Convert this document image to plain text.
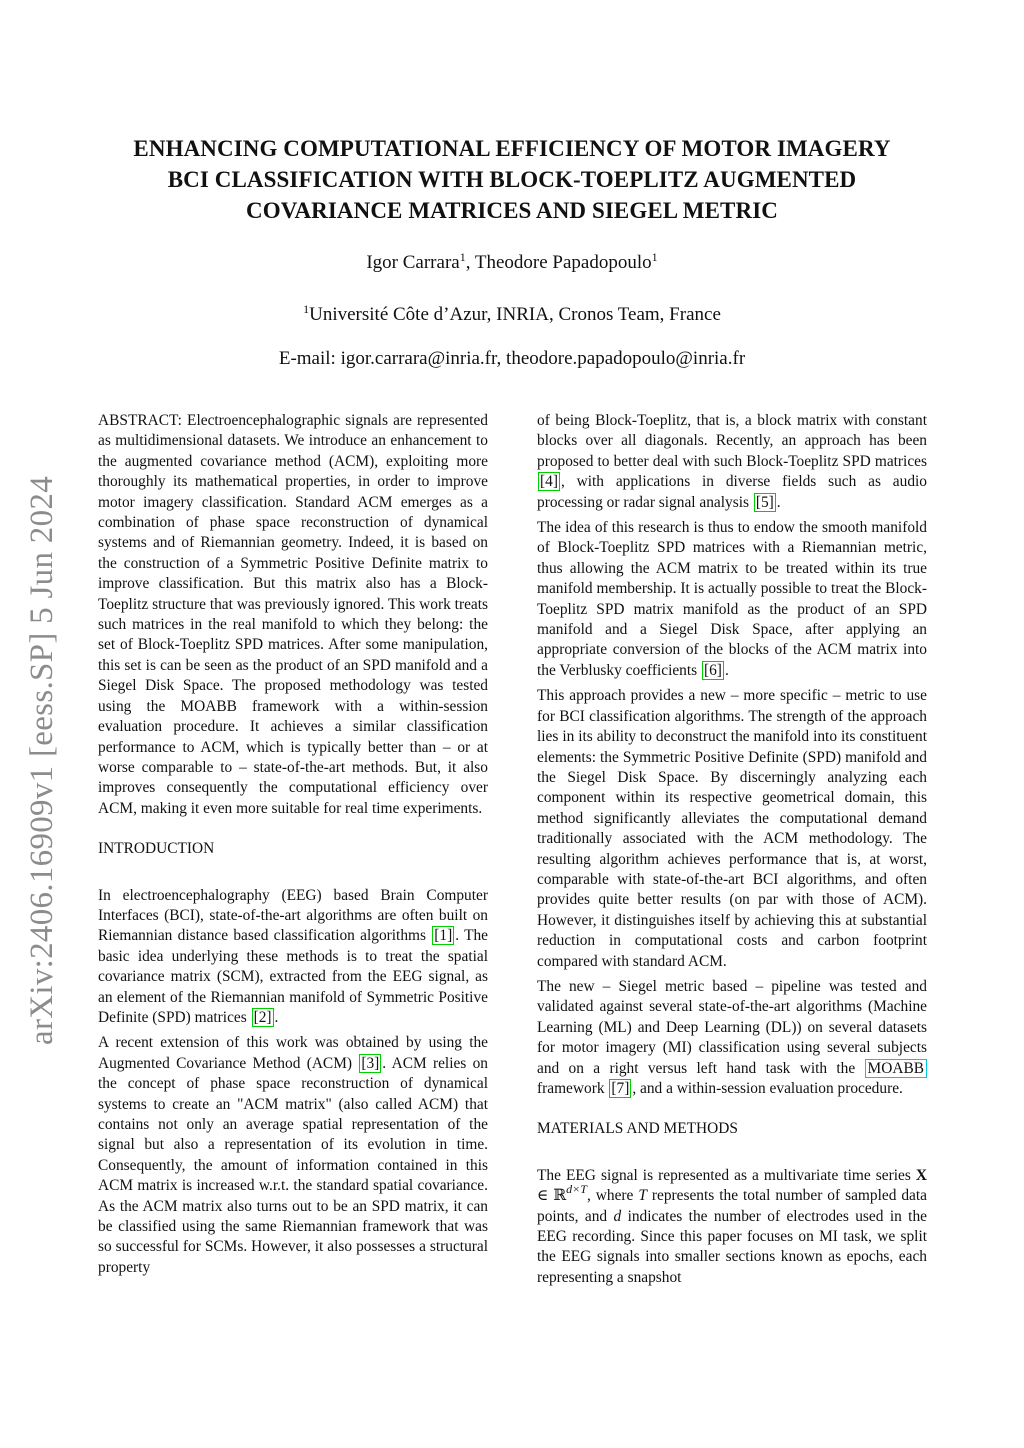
arXiv:2406.16909v1 [eess.SP] 5 Jun 2024
ENHANCING COMPUTATIONAL EFFICIENCY OF MOTOR IMAGERY
BCI CLASSIFICATION WITH BLOCK-TOEPLITZ AUGMENTED
COVARIANCE MATRICES AND SIEGEL METRIC

Igor Carrara$^1$, Theodore Papadopoulo$^1$

$^1$Université Côte d’Azur, INRIA, Cronos Team, France

E-mail: igor.carrara@inria.fr, theodore.papadopoulo@inria.fr

ABSTRACT: Electroencephalographic signals are represented as multidimensional datasets. We introduce an enhancement to the augmented covariance method (ACM), exploiting more thoroughly its mathematical properties, in order to improve motor imagery classification. Standard ACM emerges as a combination of phase space reconstruction of dynamical systems and of Riemannian geometry. Indeed, it is based on the construction of a Symmetric Positive Definite matrix to improve classification. But this matrix also has a Block-Toeplitz structure that was previously ignored. This work treats such matrices in the real manifold to which they belong: the set of Block-Toeplitz SPD matrices. After some manipulation, this set is can be seen as the product of an SPD manifold and a Siegel Disk Space. The proposed methodology was tested using the MOABB framework with a within-session evaluation procedure. It achieves a similar classification performance to ACM, which is typically better than – or at worse comparable to – state-of-the-art methods. But, it also improves consequently the computational efficiency over ACM, making it even more suitable for real time experiments.

INTRODUCTION

In electroencephalography (EEG) based Brain Computer Interfaces (BCI), state-of-the-art algorithms are often built on Riemannian distance based classification algorithms [1] . The basic idea underlying these methods is to treat the spatial covariance matrix (SCM), extracted from the EEG signal, as an element of the Riemannian manifold of Symmetric Positive Definite (SPD) matrices [2] .

A recent extension of this work was obtained by using the Augmented Covariance Method (ACM) [3] . ACM relies on the concept of phase space reconstruction of dynamical systems to create an "ACM matrix" (also called ACM) that contains not only an average spatial representation of the signal but also a representation of its evolution in time. Consequently, the amount of information contained in this ACM matrix is increased w.r.t. the standard spatial covariance. As the ACM matrix also turns out to be an SPD matrix, it can be classified using the same Riemannian framework that was so successful for SCMs. However, it also possesses a structural property

of being Block-Toeplitz, that is, a block matrix with constant blocks over all diagonals. Recently, an approach has been proposed to better deal with such Block-Toeplitz SPD matrices [4] , with applications in diverse fields such as audio processing or radar signal analysis [5] .

The idea of this research is thus to endow the smooth manifold of Block-Toeplitz SPD matrices with a Riemannian metric, thus allowing the ACM matrix to be treated within its true manifold membership. It is actually possible to treat the Block-Toeplitz SPD matrix manifold as the product of an SPD manifold and a Siegel Disk Space, after applying an appropriate conversion of the blocks of the ACM matrix into the Verblusky coefficients [6] .

This approach provides a new – more specific – metric to use for BCI classification algorithms. The strength of the approach lies in its ability to deconstruct the manifold into its constituent elements: the Symmetric Positive Definite (SPD) manifold and the Siegel Disk Space. By discerningly analyzing each component within its respective geometrical domain, this method significantly alleviates the computational demand traditionally associated with the ACM methodology. The resulting algorithm achieves performance that is, at worst, comparable with state-of-the-art BCI algorithms, and often provides quite better results (on par with those of ACM). However, it distinguishes itself by achieving this at substantial reduction in computational costs and carbon footprint compared with standard ACM.

The new – Siegel metric based – pipeline was tested and validated against several state-of-the-art algorithms (Machine Learning (ML) and Deep Learning (DL)) on several datasets for motor imagery (MI) classification using several subjects and on a right versus left hand task with the MOABB framework [7] , and a within-session evaluation procedure.

MATERIALS AND METHODS

The EEG signal is represented as a multivariate time series X ∈ ℝ$^{d\times T}$, where T represents the total number of sampled data points, and d indicates the number of electrodes used in the EEG recording. Since this paper focuses on MI task, we split the EEG signals into smaller sections known as epochs, each representing a snapshot
